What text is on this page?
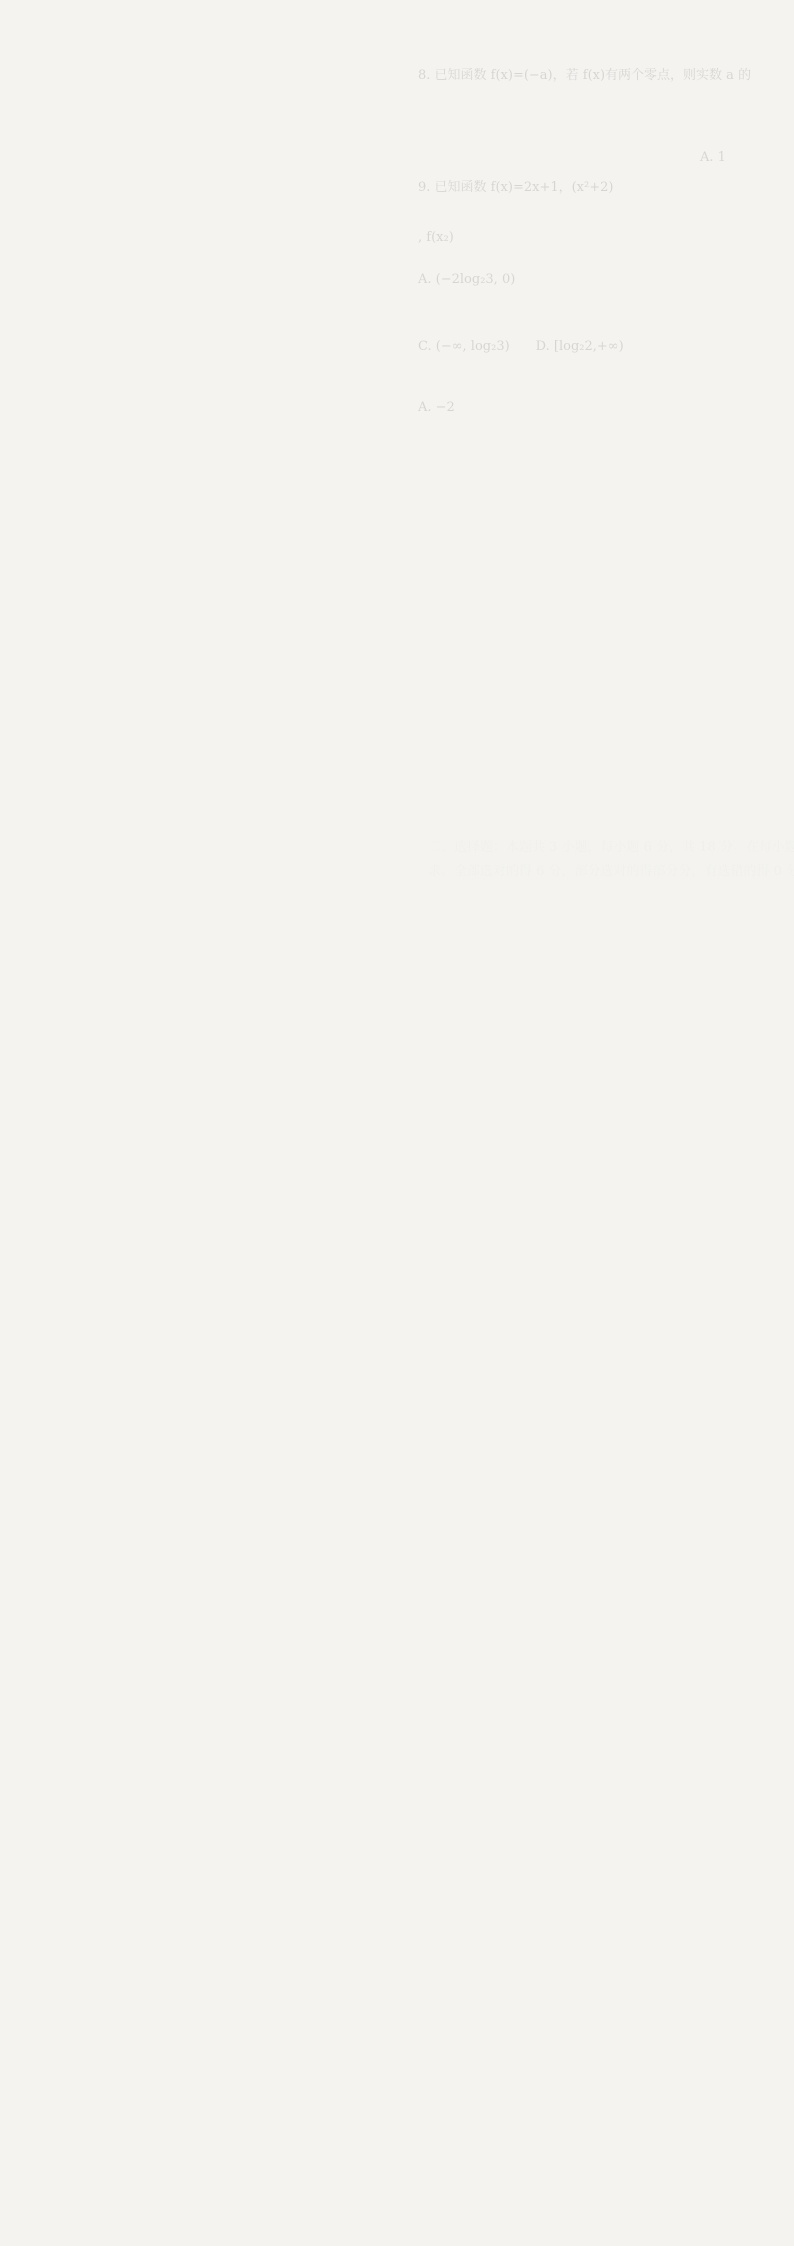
8. 已知函数 f(x)=(−a)，若 f(x)有两个零点，则实数 a 的
A. 1
9. 已知函数 f(x)=2x+1，(x²+2)
, f(x₂)
A. (−2log₂3, 0)
C. (−∞, log₂3)　　D. [log₂2,+∞)
A. −2
